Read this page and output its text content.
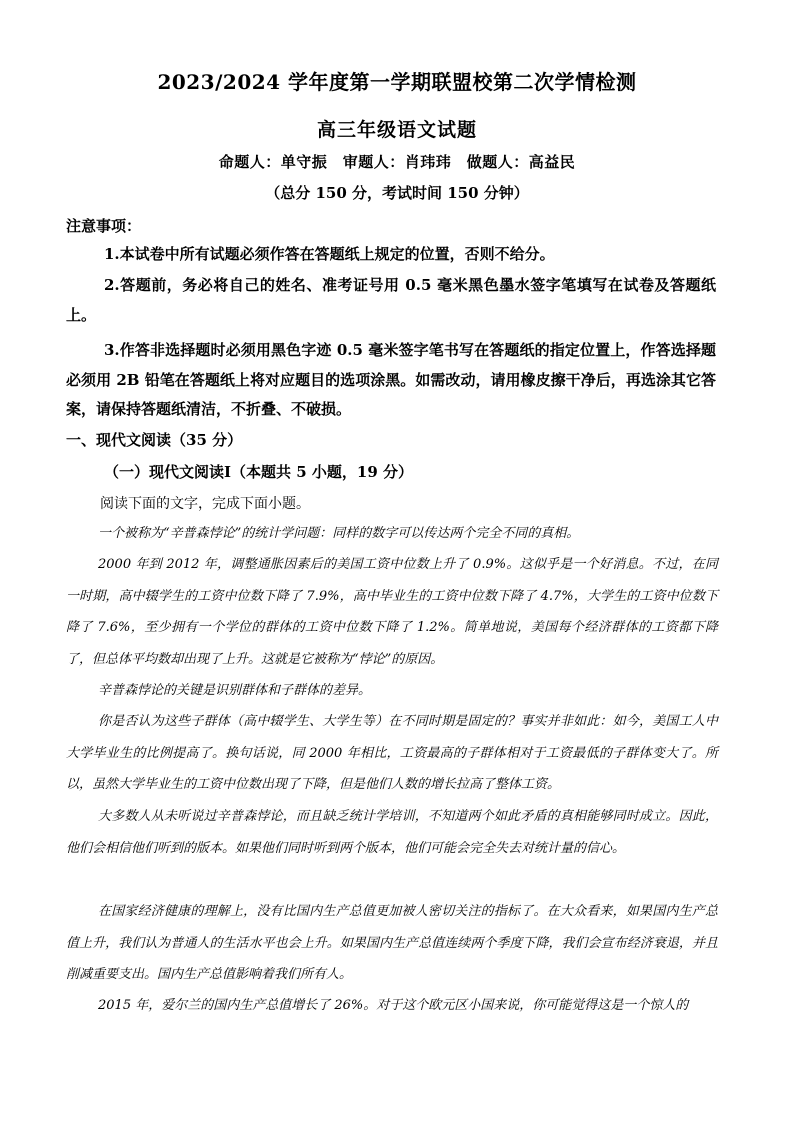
2023/2024 学年度第一学期联盟校第二次学情检测
高三年级语文试题
命题人：单守振　审题人：肖玮玮　做题人：高益民
（总分 150 分，考试时间 150 分钟）
注意事项：
1.本试卷中所有试题必须作答在答题纸上规定的位置，否则不给分。
2.答题前，务必将自己的姓名、准考证号用 0.5 毫米黑色墨水签字笔填写在试卷及答题纸上。
3.作答非选择题时必须用黑色字迹 0.5 毫米签字笔书写在答题纸的指定位置上，作答选择题必须用 2B 铅笔在答题纸上将对应题目的选项涂黑。如需改动，请用橡皮擦干净后，再选涂其它答案，请保持答题纸清洁，不折叠、不破损。
一、现代文阅读（35 分）
（一）现代文阅读Ⅰ（本题共 5 小题，19 分）
阅读下面的文字，完成下面小题。
一个被称为“辛普森悖论”的统计学问题：同样的数字可以传达两个完全不同的真相。
2000 年到 2012 年，调整通胀因素后的美国工资中位数上升了 0.9%。这似乎是一个好消息。不过，在同一时期，高中辍学生的工资中位数下降了 7.9%，高中毕业生的工资中位数下降了 4.7%，大学生的工资中位数下降了 7.6%，至少拥有一个学位的群体的工资中位数下降了 1.2%。简单地说，美国每个经济群体的工资都下降了，但总体平均数却出现了上升。这就是它被称为“悖论”的原因。
辛普森悖论的关键是识别群体和子群体的差异。
你是否认为这些子群体（高中辍学生、大学生等）在不同时期是固定的？事实并非如此：如今，美国工人中大学毕业生的比例提高了。换句话说，同 2000 年相比，工资最高的子群体相对于工资最低的子群体变大了。所以，虽然大学毕业生的工资中位数出现了下降，但是他们人数的增长拉高了整体工资。
大多数人从未听说过辛普森悖论，而且缺乏统计学培训，不知道两个如此矛盾的真相能够同时成立。因此，他们会相信他们听到的版本。如果他们同时听到两个版本，他们可能会完全失去对统计量的信心。
在国家经济健康的理解上，没有比国内生产总值更加被人密切关注的指标了。在大众看来，如果国内生产总值上升，我们认为普通人的生活水平也会上升。如果国内生产总值连续两个季度下降，我们会宣布经济衰退，并且削减重要支出。国内生产总值影响着我们所有人。
2015 年，爱尔兰的国内生产总值增长了 26%。对于这个欧元区小国来说，你可能觉得这是一个惊人的
